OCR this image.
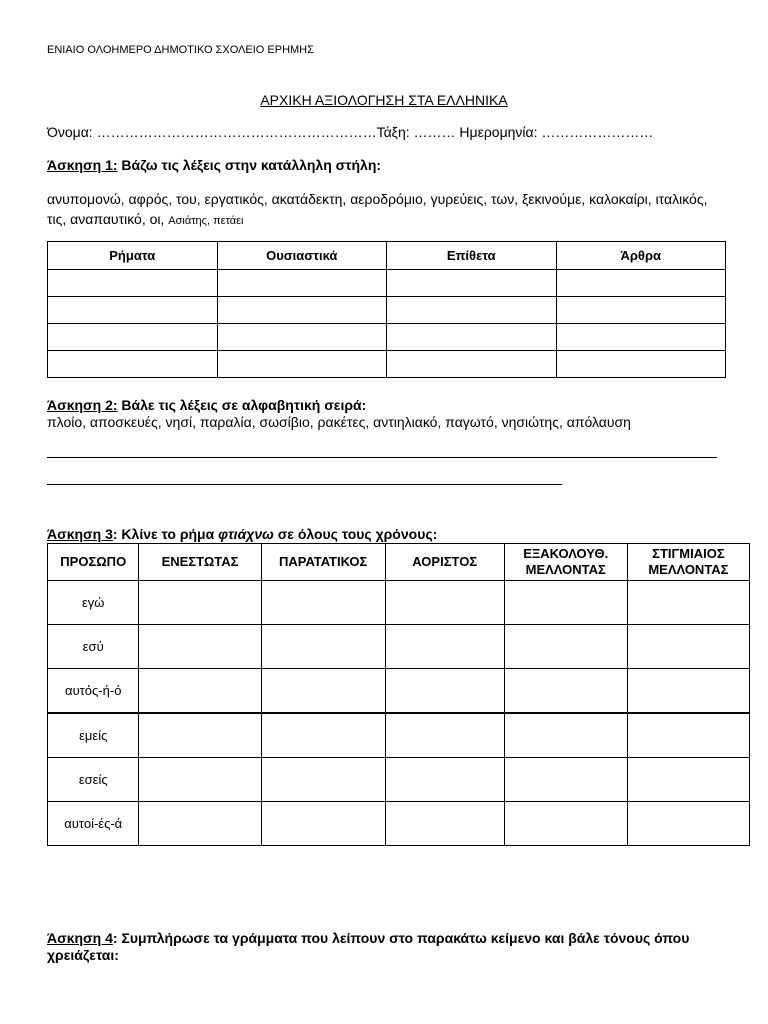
ΕΝΙΑΙΟ ΟΛΟΗΜΕΡΟ ΔΗΜΟΤΙΚΟ ΣΧΟΛΕΙΟ ΕΡΗΜΗΣ
ΑΡΧΙΚΗ ΑΞΙΟΛΟΓΗΣΗ ΣΤΑ ΕΛΛΗΝΙΚΑ
Όνομα: ……………………………………………………Τάξη: ……… Ημερομηνία: ……………………
Άσκηση 1: Βάζω τις λέξεις στην κατάλληλη στήλη:
ανυπομονώ, αφρός, του, εργατικός, ακατάδεκτη, αεροδρόμιο, γυρεύεις, των, ξεκινούμε, καλοκαίρι, ιταλικός, τις, αναπαυτικό, οι, Ασιάτης, πετάει
Ρήματα	Ουσιαστικά	Επίθετα	Άρθρα

Άσκηση 2: Βάλε τις λέξεις σε αλφαβητική σειρά:
πλοίο, αποσκευές, νησί, παραλία, σωσίβιο, ρακέτες, αντιηλιακό, παγωτό, νησιώτης, απόλαυση
Άσκηση 3: Κλίνε το ρήμα φτιάχνω σε όλους τους χρόνους:
ΠΡΟΣΩΠΟ	ΕΝΕΣΤΩΤΑΣ	ΠΑΡΑΤΑΤΙΚΟΣ	ΑΟΡΙΣΤΟΣ	ΕΞΑΚΟΛΟΥΘ. ΜΕΛΛΟΝΤΑΣ	ΣΤΙΓΜΙΑΙΟΣ ΜΕΛΛΟΝΤΑΣ
εγώ					
εσύ					
αυτός-ή-ό					
εμείς					
εσείς					
αυτοί-ές-ά					
Άσκηση 4: Συμπλήρωσε τα γράμματα που λείπουν στο παρακάτω κείμενο και βάλε τόνους όπου χρειάζεται:
